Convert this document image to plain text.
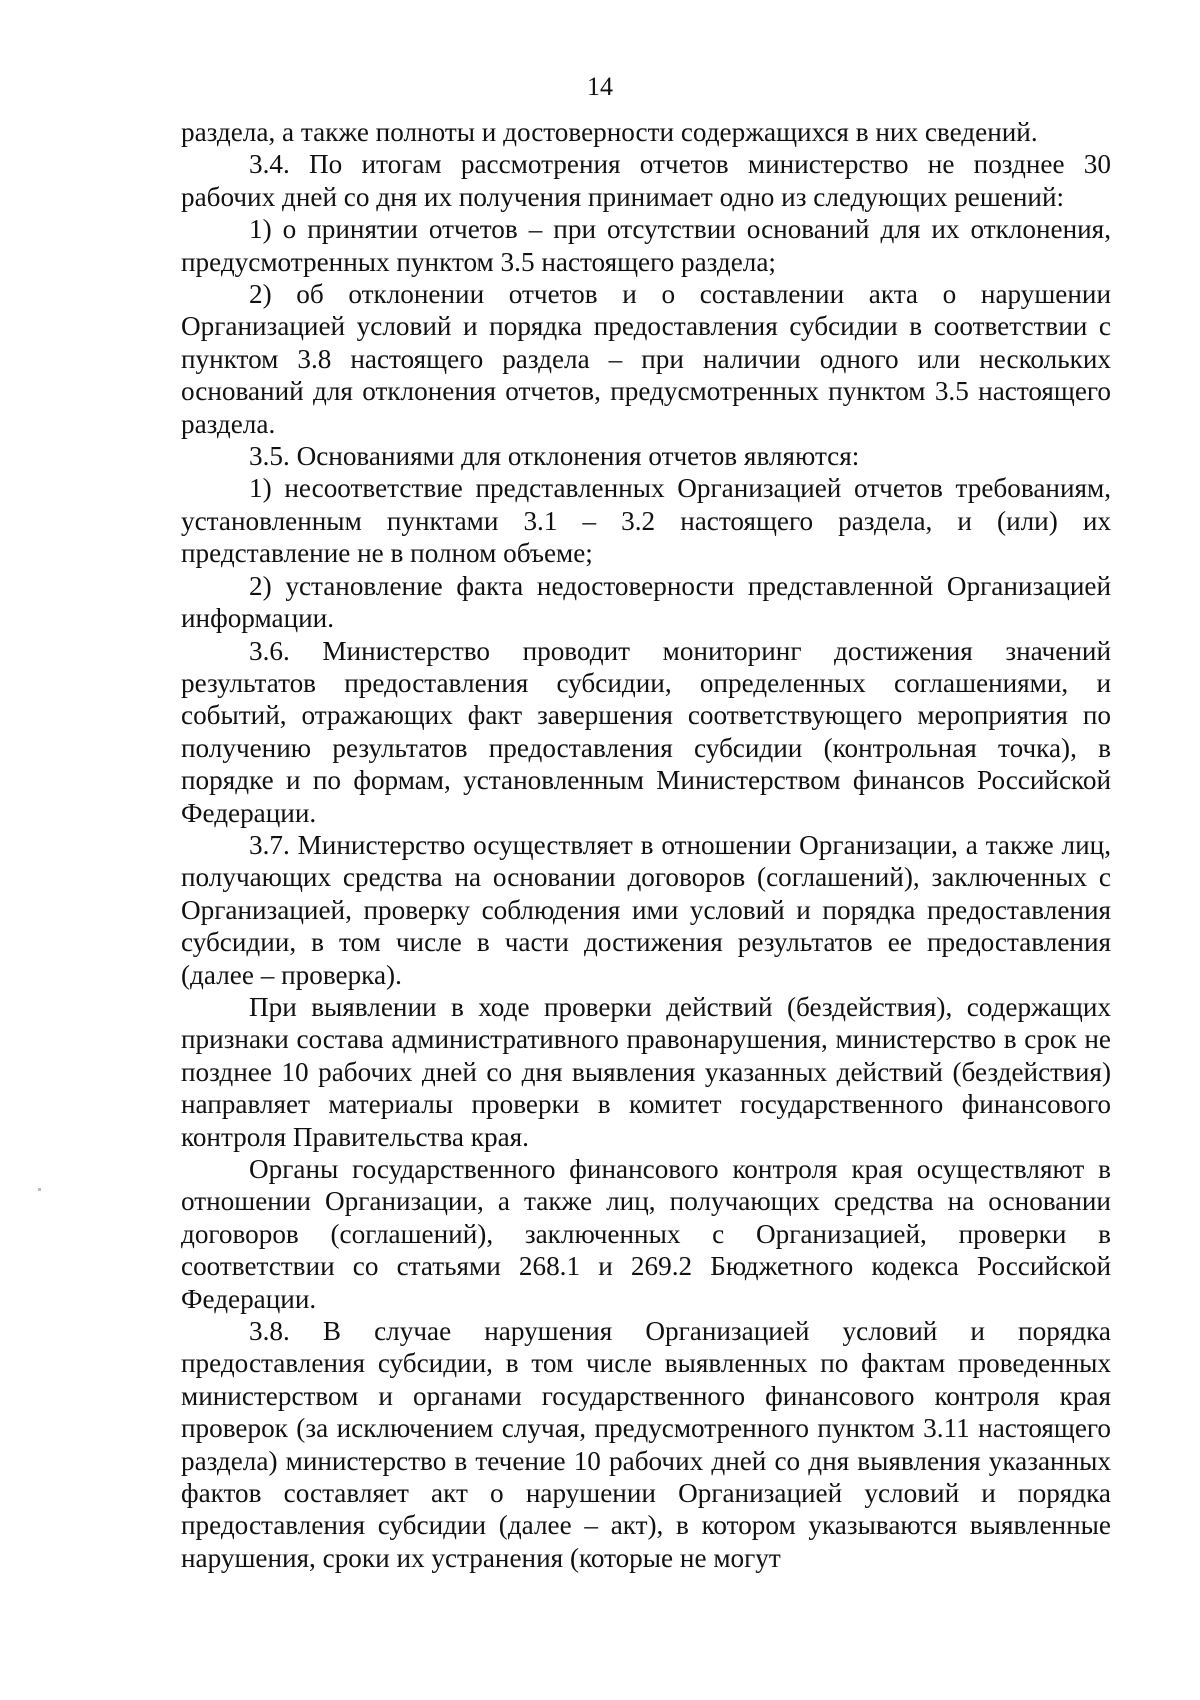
14

раздела, а также полноты и достоверности содержащихся в них сведений.

3.4. По итогам рассмотрения отчетов министерство не позднее 30 рабочих дней со дня их получения принимает одно из следующих решений:

1) о принятии отчетов – при отсутствии оснований для их отклонения, предусмотренных пунктом 3.5 настоящего раздела;

2) об отклонении отчетов и о составлении акта о нарушении Организацией условий и порядка предоставления субсидии в соответствии с пунктом 3.8 настоящего раздела – при наличии одного или нескольких оснований для отклонения отчетов, предусмотренных пунктом 3.5 настоящего раздела.

3.5. Основаниями для отклонения отчетов являются:

1) несоответствие представленных Организацией отчетов требованиям, установленным пунктами 3.1 – 3.2 настоящего раздела, и (или) их представление не в полном объеме;

2) установление факта недостоверности представленной Организацией информации.

3.6. Министерство проводит мониторинг достижения значений результатов предоставления субсидии, определенных соглашениями, и событий, отражающих факт завершения соответствующего мероприятия по получению результатов предоставления субсидии (контрольная точка), в порядке и по формам, установленным Министерством финансов Российской Федерации.

3.7. Министерство осуществляет в отношении Организации, а также лиц, получающих средства на основании договоров (соглашений), заключенных с Организацией, проверку соблюдения ими условий и порядка предоставления субсидии, в том числе в части достижения результатов ее предоставления (далее – проверка).

При выявлении в ходе проверки действий (бездействия), содержащих признаки состава административного правонарушения, министерство в срок не позднее 10 рабочих дней со дня выявления указанных действий (бездействия) направляет материалы проверки в комитет государственного финансового контроля Правительства края.

Органы государственного финансового контроля края осуществляют в отношении Организации, а также лиц, получающих средства на основании договоров (соглашений), заключенных с Организацией, проверки в соответствии со статьями 268.1 и 269.2 Бюджетного кодекса Российской Федерации.

3.8. В случае нарушения Организацией условий и порядка предоставления субсидии, в том числе выявленных по фактам проведенных министерством и органами государственного финансового контроля края проверок (за исключением случая, предусмотренного пунктом 3.11 настоящего раздела) министерство в течение 10 рабочих дней со дня выявления указанных фактов составляет акт о нарушении Организацией условий и порядка предоставления субсидии (далее – акт), в котором указываются выявленные нарушения, сроки их устранения (которые не могут
